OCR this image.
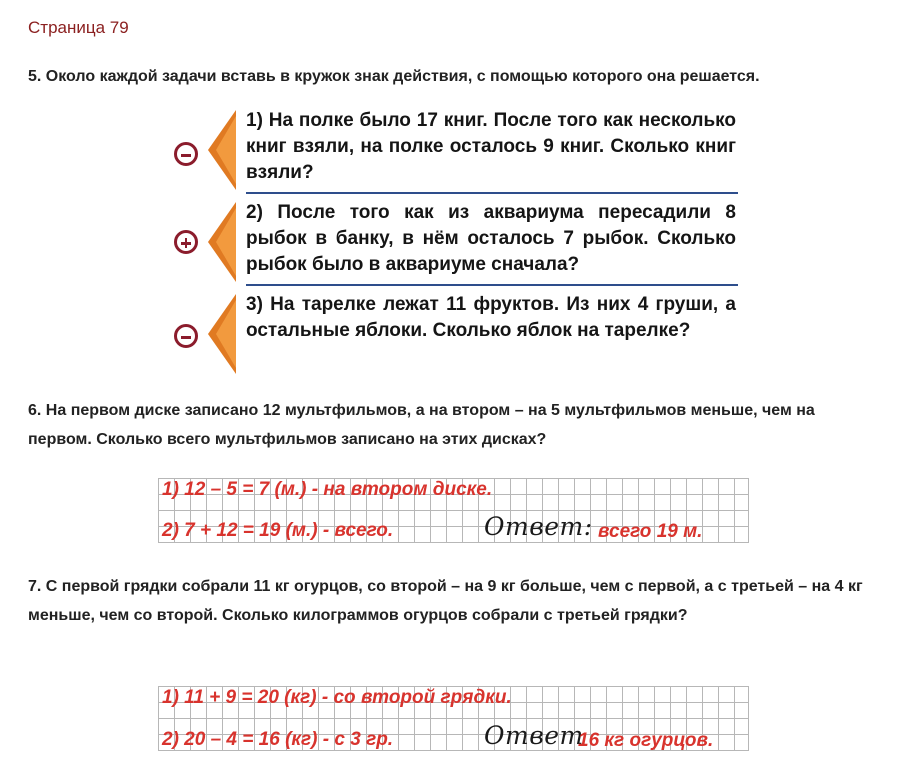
Страница 79
5. Около каждой задачи вставь в кружок знак действия, с помощью которого она решается.
1) На полке было 17 книг. После того как несколько книг взяли, на полке осталось 9 книг. Сколько книг взяли?
2) После того как из аквариума пересадили 8 рыбок в банку, в нём осталось 7 рыбок. Сколько рыбок было в аквариуме сначала?
3) На тарелке лежат 11 фруктов. Из них 4 груши, а остальные яблоки. Сколько яблок на тарелке?
6. На первом диске записано 12 мультфильмов, а на втором – на 5 мультфильмов меньше, чем на первом. Сколько всего мультфильмов записано на этих дисках?
1) 12 – 5 = 7 (м.) - на втором диске.
2) 7 + 12 = 19 (м.) - всего.	Ответ: всего 19 м.
7. С первой грядки собрали 11 кг огурцов, со второй – на 9 кг больше, чем с первой, а с третьей – на 4 кг меньше, чем со второй. Сколько килограммов огурцов собрали с третьей грядки?
1) 11 + 9 = 20 (кг) - со второй грядки.
2) 20 – 4 = 16 (кг) - с 3 гр.	Ответ
16 кг огурцов.
